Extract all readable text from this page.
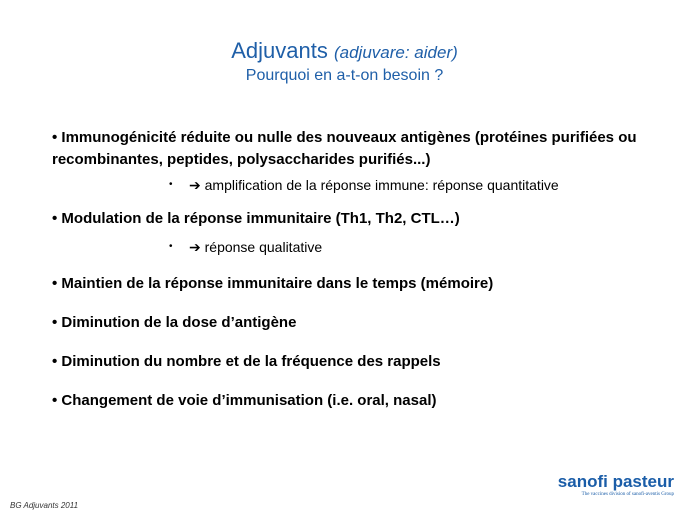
Adjuvants (adjuvare: aider)
Pourquoi en a-t-on besoin ?
• Immunogénicité réduite ou nulle des nouveaux antigènes (protéines purifiées ou recombinantes, peptides, polysaccharides purifiés...)
• ➔ amplification de la réponse immune: réponse quantitative
• Modulation de la réponse immunitaire (Th1, Th2, CTL…)
• ➔ réponse qualitative
• Maintien de la réponse immunitaire dans le temps (mémoire)
• Diminution de la dose d’antigène
• Diminution du nombre et de la fréquence des rappels
• Changement de voie d’immunisation (i.e. oral, nasal)
BG Adjuvants 2011
sanofi pasteur
The vaccines division of sanofi-aventis Group
